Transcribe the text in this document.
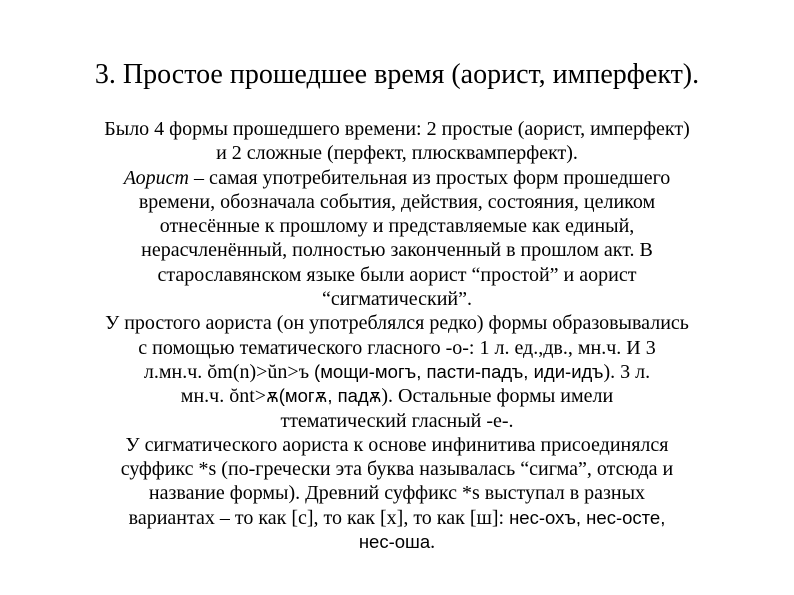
3. Простое прошедшее время (аорист, имперфект).
Было 4 формы прошедшего времени: 2 простые (аорист, имперфект)
и 2 сложные (перфект, плюсквамперфект).
Аорист – самая употребительная из простых форм прошедшего
времени, обозначала события, действия, состояния, целиком
отнесённые к прошлому и представляемые как единый,
нерасчленённый, полностью законченный в прошлом акт. В
старославянском языке были аорист “простой” и аорист
“сигматический”.
У простого аориста (он употреблялся редко) формы образовывались
с помощью тематического гласного -о-: 1 л. ед.,дв., мн.ч. И 3
л.мн.ч. ŏm(n)>ŭn>ъ (мощи-могъ, пасти-падъ, иди-идъ). 3 л.
мн.ч. ŏnt>ѫ(могѫ, падѫ). Остальные формы имели
ттематический гласный -е-.
У сигматического аориста к основе инфинитива присоединялся
суффикс *s (по-гречески эта буква называлась “сигма”, отсюда и
название формы). Древний суффикс *s выступал в разных
вариантах – то как [с], то как [х], то как [ш]: нес-охъ, нес-осте,
нес-оша.
